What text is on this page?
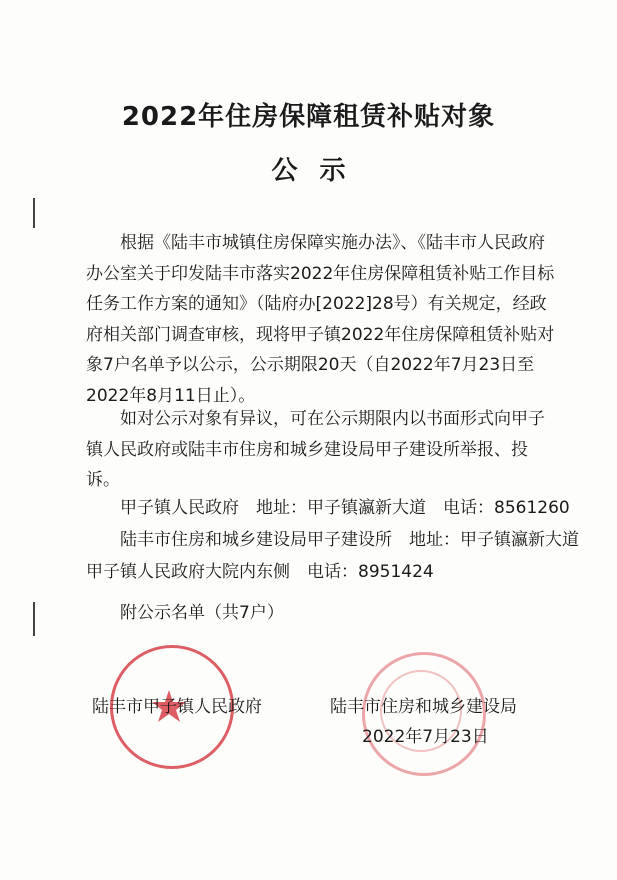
2022年住房保障租赁补贴对象
公示
根据《陆丰市城镇住房保障实施办法》、《陆丰市人民政府办公室关于印发陆丰市落实2022年住房保障租赁补贴工作目标任务工作方案的通知》（陆府办[2022]28号）有关规定，经政府相关部门调查审核，现将甲子镇2022年住房保障租赁补贴对象7户名单予以公示，公示期限20天（自2022年7月23日至2022年8月11日止）。
如对公示对象有异议，可在公示期限内以书面形式向甲子镇人民政府或陆丰市住房和城乡建设局甲子建设所举报、投诉。
甲子镇人民政府　地址：甲子镇瀛新大道　电话：8561260
陆丰市住房和城乡建设局甲子建设所　地址：甲子镇瀛新大道
甲子镇人民政府大院内东侧　电话：8951424
附公示名单（共7户）
陆丰市甲子镇人民政府	陆丰市住房和城乡建设局
2022年7月23日
